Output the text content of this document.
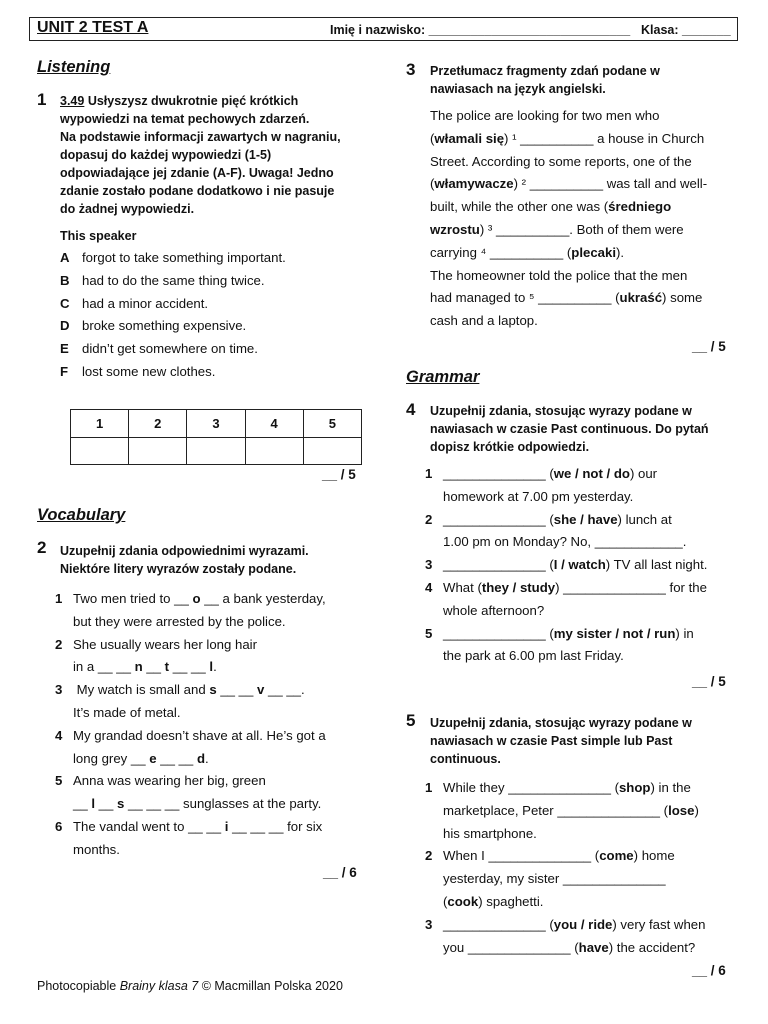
UNIT 2 TEST A	Imię i nazwisko: _____________________________ Klasa: _______
Listening
1 3.49 Usłyszysz dwukrotnie pięć krótkich
wypowiedzi na temat pechowych zdarzeń.
Na podstawie informacji zawartych w nagraniu,
dopasuj do każdej wypowiedzi (1-5)
odpowiadające jej zdanie (A-F). Uwaga! Jedno
zdanie zostało podane dodatkowo i nie pasuje
do żadnej wypowiedzi.
This speaker
A forgot to take something important.
B had to do the same thing twice.
C had a minor accident.
D broke something expensive.
E didn’t get somewhere on time.
F lost some new clothes.
1	2	3	4	5

__ / 5
Vocabulary
2 Uzupełnij zdania odpowiednimi wyrazami.
Niektóre litery wyrazów zostały podane.
1 Two men tried to __ o __ a bank yesterday,
but they were arrested by the police.
2 She usually wears her long hair
in a __ __ n __ t __ __ l.
3 My watch is small and s __ __ v __ __.
It’s made of metal.
4 My grandad doesn’t shave at all. He’s got a
long grey __ e __ __ d.
5 Anna was wearing her big, green
__ l __ s __ __ __ sunglasses at the party.
6 The vandal went to __ __ i __ __ __ for six
months.
__ / 6
3 Przetłumacz fragmenty zdań podane w
nawiasach na język angielski.
The police are looking for two men who
(włamali się) ¹ __________ a house in Church
Street. According to some reports, one of the
(włamywacze) ² __________ was tall and well-
built, while the other one was (średniego
wzrostu) ³ __________. Both of them were
carrying ⁴ __________ (plecaki).
The homeowner told the police that the men
had managed to ⁵ __________ (ukraść) some
cash and a laptop.
__ / 5
Grammar
4 Uzupełnij zdania, stosując wyrazy podane w
nawiasach w czasie Past continuous. Do pytań
dopisz krótkie odpowiedzi.
1 ______________ (we / not / do) our
homework at 7.00 pm yesterday.
2 ______________ (she / have) lunch at
1.00 pm on Monday? No, ____________.
3 ______________ (I / watch) TV all last night.
4 What (they / study) ______________ for the
whole afternoon?
5 ______________ (my sister / not / run) in
the park at 6.00 pm last Friday.
__ / 5
5 Uzupełnij zdania, stosując wyrazy podane w
nawiasach w czasie Past simple lub Past
continuous.
1 While they ______________ (shop) in the
marketplace, Peter ______________ (lose)
his smartphone.
2 When I ______________ (come) home
yesterday, my sister ______________
(cook) spaghetti.
3 ______________ (you / ride) very fast when
you ______________ (have) the accident?
__ / 6
Photocopiable Brainy klasa 7 © Macmillan Polska 2020
